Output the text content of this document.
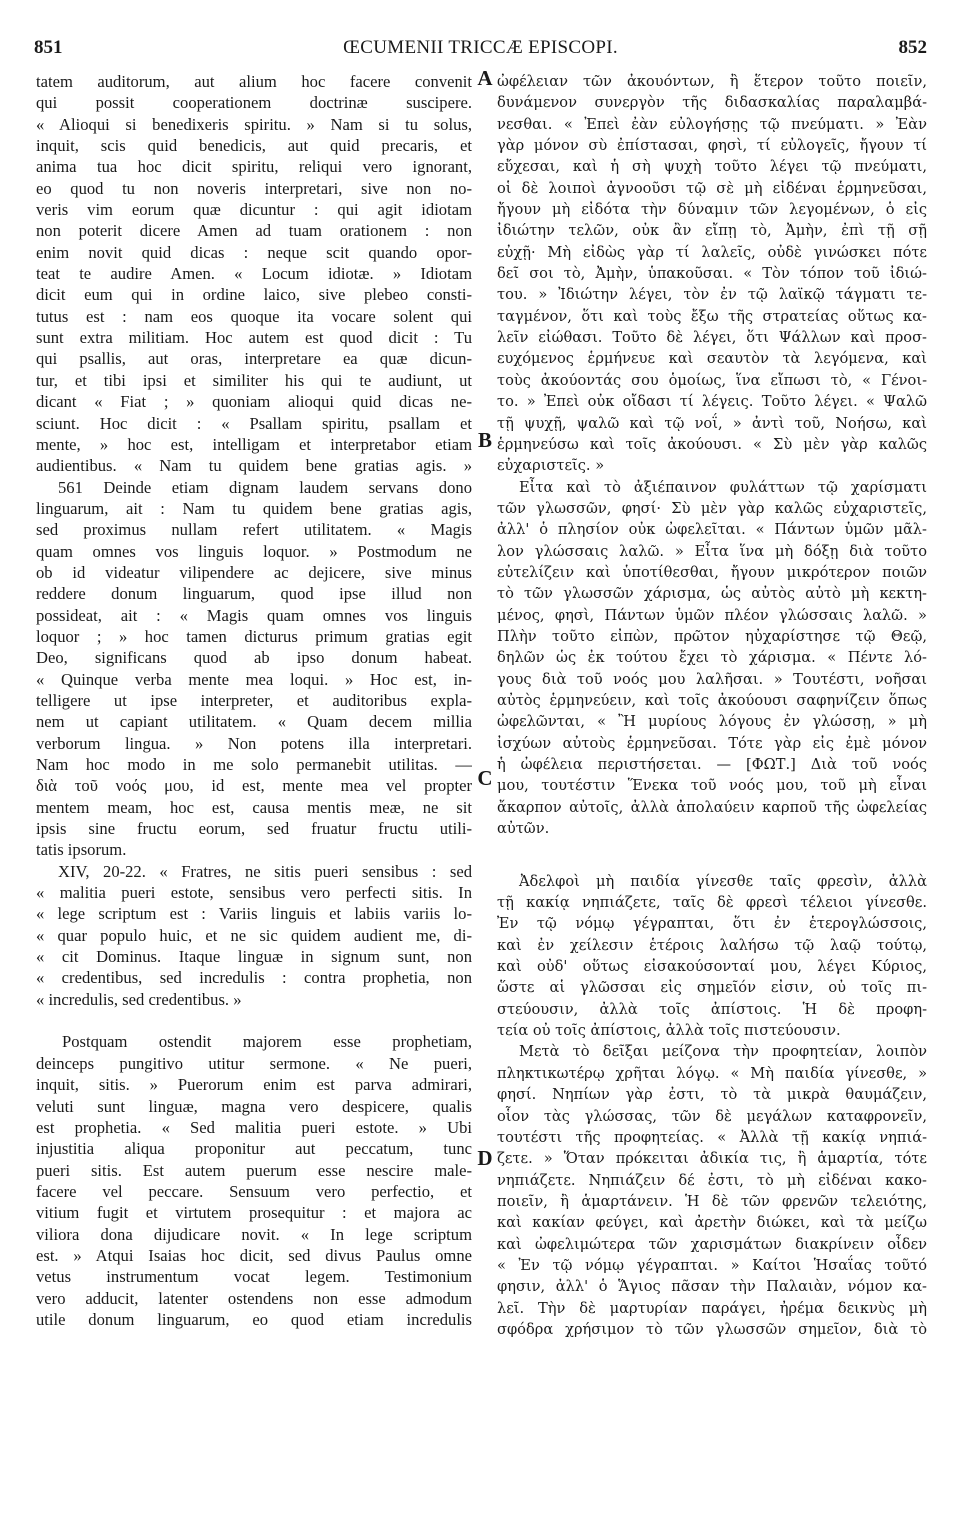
851	ŒCUMENII TRICCÆ EPISCOPI.	852
A
B
C
D
tatem auditorum, aut alium hoc facere convenit
qui possit cooperationem doctrinæ suscipere.
« Alioqui si benedixeris spiritu. » Nam si tu solus,
inquit, scis quid benedicis, aut quid precaris, et
anima tua hoc dicit spiritu, reliqui vero ignorant,
eo quod tu non noveris interpretari, sive non no-
veris vim eorum quæ dicuntur : qui agit idiotam
non poterit dicere Amen ad tuam orationem : non
enim novit quid dicas : neque scit quando opor-
teat te audire Amen. « Locum idiotæ. » Idiotam
dicit eum qui in ordine laico, sive plebeo consti-
tutus est : nam eos quoque ita vocare solent qui
sunt extra militiam. Hoc autem est quod dicit : Tu
qui psallis, aut oras, interpretare ea quæ dicun-
tur, et tibi ipsi et similiter his qui te audiunt, ut
dicant « Fiat ; » quoniam alioqui quid dicas ne-
sciunt. Hoc dicit : « Psallam spiritu, psallam et
mente, » hoc est, intelligam et interpretabor etiam
audientibus. « Nam tu quidem bene gratias agis. »
561 Deinde etiam dignam laudem servans dono
linguarum, ait : Nam tu quidem bene gratias agis,
sed proximus nullam refert utilitatem. « Magis
quam omnes vos linguis loquor. » Postmodum ne
ob id videatur vilipendere ac dejicere, sive minus
reddere donum linguarum, quod ipse illud non
possideat, ait : « Magis quam omnes vos linguis
loquor ; » hoc tamen dicturus primum gratias egit
Deo, significans quod ab ipso donum habeat.
« Quinque verba mente mea loqui. » Hoc est, in-
telligere ut ipse interpreter, et auditoribus expla-
nem ut capiant utilitatem. « Quam decem millia
verborum lingua. » Non potens illa interpretari.
Nam hoc modo in me solo permanebit utilitas. —
διὰ τοῦ νοός μου, id est, mente mea vel propter
mentem meam, hoc est, causa mentis meæ, ne sit
ipsis sine fructu eorum, sed fruatur fructu utili-
tatis ipsorum.
XIV, 20-22. « Fratres, ne sitis pueri sensibus : sed
« malitia pueri estote, sensibus vero perfecti sitis. In
« lege scriptum est : Variis linguis et labiis variis lo-
« quar populo huic, et ne sic quidem audient me, di-
« cit Dominus. Itaque linguæ in signum sunt, non
« credentibus, sed incredulis : contra prophetia, non
« incredulis, sed credentibus. »
Postquam ostendit majorem esse prophetiam,
deinceps pungitivo utitur sermone. « Ne pueri,
inquit, sitis. » Puerorum enim est parva admirari,
veluti sunt linguæ, magna vero despicere, qualis
est prophetia. « Sed malitia pueri estote. » Ubi
injustitia aliqua proponitur aut peccatum, tunc
pueri sitis. Est autem puerum esse nescire male-
facere vel peccare. Sensuum vero perfectio, et
vitium fugit et virtutem prosequitur : et majora ac
viliora dona dijudicare novit. « In lege scriptum
est. » Atqui Isaias hoc dicit, sed divus Paulus omne
vetus instrumentum vocat legem. Testimonium
vero adducit, latenter ostendens non esse admodum
utile donum linguarum, eo quod etiam incredulis
ὠφέλειαν τῶν ἀκουόντων, ἢ ἕτερον τοῦτο ποιεῖν,
δυνάμενον συνεργὸν τῆς διδασκαλίας παραλαμβά-
νεσθαι. « Ἐπεὶ ἐὰν εὐλογήσῃς τῷ πνεύματι. » Ἐὰν
γὰρ μόνον σὺ ἐπίστασαι, φησὶ, τί εὐλογεῖς, ἤγουν τί
εὔχεσαι, καὶ ἡ σὴ ψυχὴ τοῦτο λέγει τῷ πνεύματι,
οἱ δὲ λοιποὶ ἀγνοοῦσι τῷ σὲ μὴ εἰδέναι ἑρμηνεῦσαι,
ἤγουν μὴ εἰδότα τὴν δύναμιν τῶν λεγομένων, ὁ εἰς
ἰδιώτην τελῶν, οὐκ ἂν εἴπῃ τὸ, Ἀμὴν, ἐπὶ τῇ σῇ
εὐχῇ· Μὴ εἰδὼς γὰρ τί λαλεῖς, οὐδὲ γινώσκει πότε
δεῖ σοι τὸ, Ἀμὴν, ὑπακοῦσαι. « Τὸν τόπον τοῦ ἰδιώ-
του. » Ἰδιώτην λέγει, τὸν ἐν τῷ λαϊκῷ τάγματι τε-
ταγμένον, ὅτι καὶ τοὺς ἔξω τῆς στρατείας οὕτως κα-
λεῖν εἰώθασι. Τοῦτο δὲ λέγει, ὅτι Ψάλλων καὶ προσ-
ευχόμενος ἑρμήνευε καὶ σεαυτὸν τὰ λεγόμενα, καὶ
τοὺς ἀκούοντάς σου ὁμοίως, ἵνα εἴπωσι τὸ, « Γένοι-
το. » Ἐπεὶ οὐκ οἴδασι τί λέγεις. Τοῦτο λέγει. « Ψαλῶ
τῇ ψυχῇ, ψαλῶ καὶ τῷ νοΐ, » ἀντὶ τοῦ, Νοήσω, καὶ
ἑρμηνεύσω καὶ τοῖς ἀκούουσι. « Σὺ μὲν γὰρ καλῶς
εὐχαριστεῖς. »
Εἶτα καὶ τὸ ἀξιέπαινον φυλάττων τῷ χαρίσματι
τῶν γλωσσῶν, φησί· Σὺ μὲν γὰρ καλῶς εὐχαριστεῖς,
ἀλλ' ὁ πλησίον οὐκ ὠφελεῖται. « Πάντων ὑμῶν μᾶλ-
λον γλώσσαις λαλῶ. » Εἶτα ἵνα μὴ δόξῃ διὰ τοῦτο
εὐτελίζειν καὶ ὑποτίθεσθαι, ἤγουν μικρότερον ποιῶν
τὸ τῶν γλωσσῶν χάρισμα, ὡς αὐτὸς αὐτὸ μὴ κεκτη-
μένος, φησὶ, Πάντων ὑμῶν πλέον γλώσσαις λαλῶ. »
Πλὴν τοῦτο εἰπὼν, πρῶτον ηὐχαρίστησε τῷ Θεῷ,
δηλῶν ὡς ἐκ τούτου ἔχει τὸ χάρισμα. « Πέντε λό-
γους διὰ τοῦ νοός μου λαλῆσαι. » Τουτέστι, νοῆσαι
αὐτὸς ἑρμηνεύειν, καὶ τοῖς ἀκούουσι σαφηνίζειν ὅπως
ὠφελῶνται, « Ἢ μυρίους λόγους ἐν γλώσσῃ, » μὴ
ἰσχύων αὐτοὺς ἑρμηνεῦσαι. Τότε γὰρ εἰς ἐμὲ μόνον
ἡ ὠφέλεια περιστήσεται. — [ΦΩΤ.] Διὰ τοῦ νοός
μου, τουτέστιν Ἕνεκα τοῦ νοός μου, τοῦ μὴ εἶναι
ἄκαρπον αὐτοῖς, ἀλλὰ ἀπολαύειν καρποῦ τῆς ὠφελείας
αὐτῶν.
Ἀδελφοὶ μὴ παιδία γίνεσθε ταῖς φρεσὶν, ἀλλὰ
τῇ κακίᾳ νηπιάζετε, ταῖς δὲ φρεσὶ τέλειοι γίνεσθε.
Ἐν τῷ νόμῳ γέγραπται, ὅτι ἐν ἑτερογλώσσοις,
καὶ ἐν χείλεσιν ἑτέροις λαλήσω τῷ λαῷ τούτῳ,
καὶ οὐδ' οὕτως εἰσακούσονταί μου, λέγει Κύριος,
ὥστε αἱ γλῶσσαι εἰς σημεῖόν εἰσιν, οὐ τοῖς πι-
στεύουσιν, ἀλλὰ τοῖς ἀπίστοις. Ἡ δὲ προφη-
τεία οὐ τοῖς ἀπίστοις, ἀλλὰ τοῖς πιστεύουσιν.
Μετὰ τὸ δεῖξαι μείζονα τὴν προφητείαν, λοιπὸν
πληκτικωτέρῳ χρῆται λόγῳ. « Μὴ παιδία γίνεσθε, »
φησί. Νηπίων γὰρ ἐστι, τὸ τὰ μικρὰ θαυμάζειν,
οἷον τὰς γλώσσας, τῶν δὲ μεγάλων καταφρονεῖν,
τουτέστι τῆς προφητείας. « Ἀλλὰ τῇ κακίᾳ νηπιά-
ζετε. » Ὅταν πρόκειται ἀδικία τις, ἢ ἁμαρτία, τότε
νηπιάζετε. Νηπιάζειν δέ ἐστι, τὸ μὴ εἰδέναι κακο-
ποιεῖν, ἢ ἁμαρτάνειν. Ἡ δὲ τῶν φρενῶν τελειότης,
καὶ κακίαν φεύγει, καὶ ἀρετὴν διώκει, καὶ τὰ μείζω
καὶ ὠφελιμώτερα τῶν χαρισμάτων διακρίνειν οἶδεν
« Ἐν τῷ νόμῳ γέγραπται. » Καίτοι Ἡσαΐας τοῦτό
φησιν, ἀλλ' ὁ Ἅγιος πᾶσαν τὴν Παλαιὰν, νόμον κα-
λεῖ. Τὴν δὲ μαρτυρίαν παράγει, ἠρέμα δεικνὺς μὴ
σφόδρα χρήσιμον τὸ τῶν γλωσσῶν σημεῖον, διὰ τὸ
